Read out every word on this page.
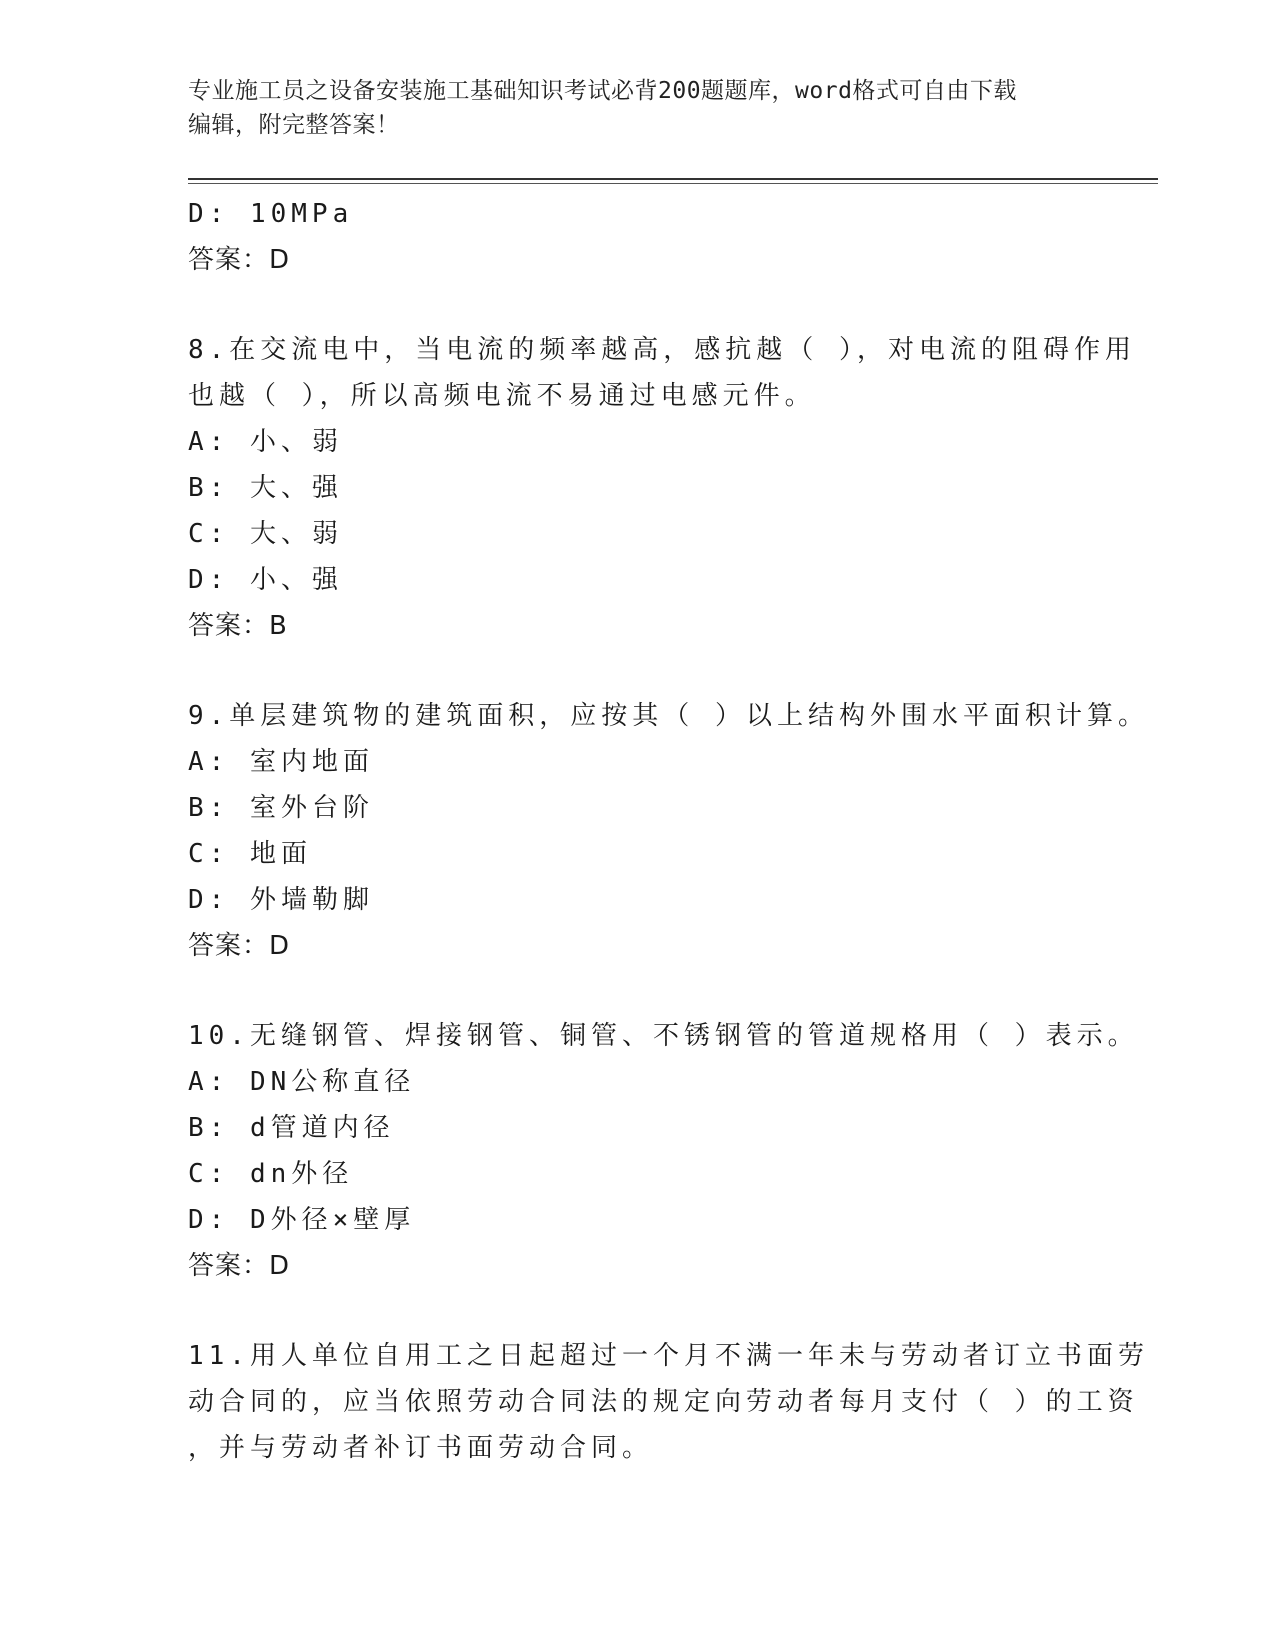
专业施工员之设备安装施工基础知识考试必背200题题库，word格式可自由下载
编辑，附完整答案！
D: 10MPa
答案：D
8.在交流电中，当电流的频率越高，感抗越（ ），对电流的阻碍作用
也越（ ），所以高频电流不易通过电感元件。
A: 小、弱
B: 大、强
C: 大、弱
D: 小、强
答案：B
9.单层建筑物的建筑面积，应按其（ ）以上结构外围水平面积计算。
A: 室内地面
B: 室外台阶
C: 地面
D: 外墙勒脚
答案：D
10.无缝钢管、焊接钢管、铜管、不锈钢管的管道规格用（ ）表示。
A: DN公称直径
B: d管道内径
C: dn外径
D: D外径×壁厚
答案：D
11.用人单位自用工之日起超过一个月不满一年未与劳动者订立书面劳
动合同的，应当依照劳动合同法的规定向劳动者每月支付（ ）的工资
，并与劳动者补订书面劳动合同。
